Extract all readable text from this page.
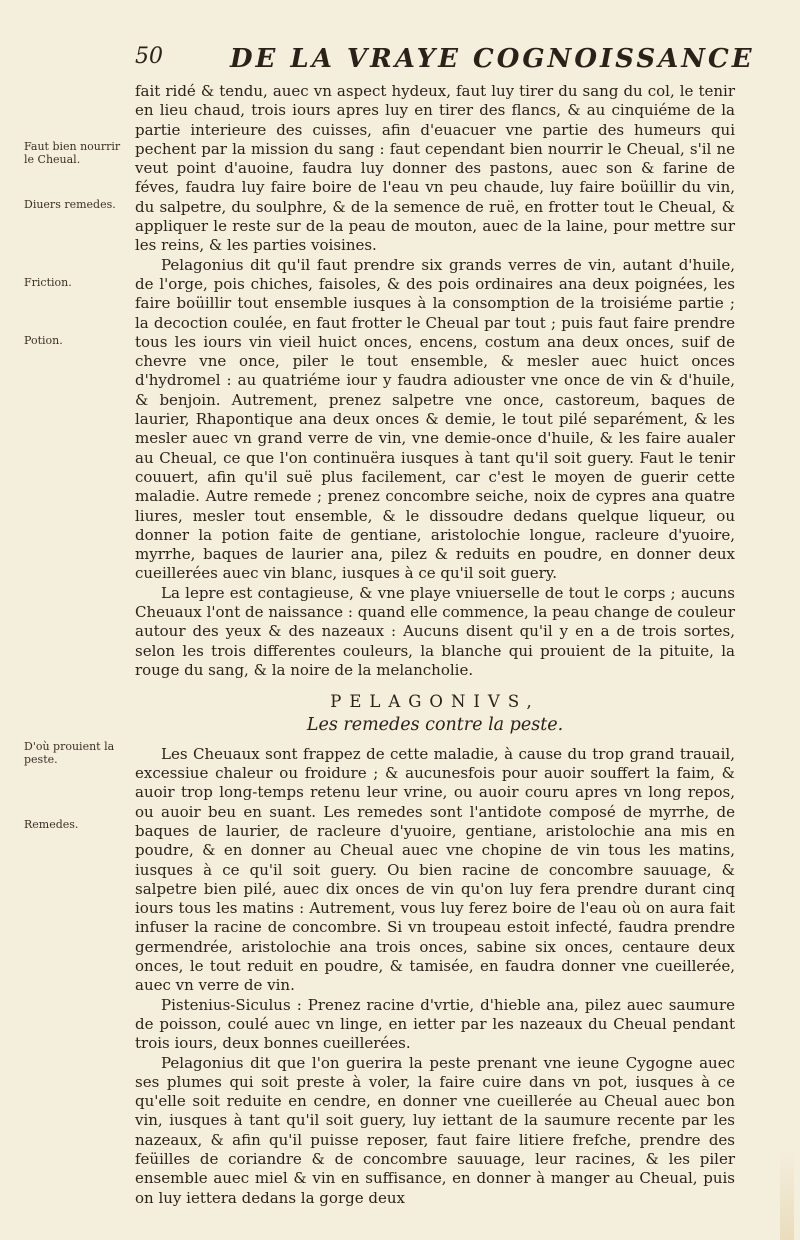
50	DE LA VRAYE COGNOISSANCE
Faut bien nourrir le Cheual.
Diuers remedes.
Friction.
Potion.
D'où prouient la peste.
Remedes.

fait ridé & tendu, auec vn aspect hydeux, faut luy tirer du sang du col, le tenir en lieu chaud, trois iours apres luy en tirer des flancs, & au cinquiéme de la partie interieure des cuisses, afin d'euacuer vne partie des humeurs qui pechent par la mission du sang : faut cependant bien nourrir le Cheual, s'il ne veut point d'auoine, faudra luy donner des pastons, auec son & farine de féves, faudra luy faire boire de l'eau vn peu chaude, luy faire boüillir du vin, du salpetre, du soulphre, & de la semence de ruë, en frotter tout le Cheual, & appliquer le reste sur de la peau de mouton, auec de la laine, pour mettre sur les reins, & les parties voisines.

Pelagonius dit qu'il faut prendre six grands verres de vin, autant d'huile, de l'orge, pois chiches, faisoles, & des pois ordinaires ana deux poignées, les faire boüillir tout ensemble iusques à la consomption de la troisiéme partie ; la decoction coulée, en faut frotter le Cheual par tout ; puis faut faire prendre tous les iours vin vieil huict onces, encens, costum ana deux onces, suif de chevre vne once, piler le tout ensemble, & mesler auec huict onces d'hydromel : au quatriéme iour y faudra adiouster vne once de vin & d'huile, & benjoin. Autrement, prenez salpetre vne once, castoreum, baques de laurier, Rhapontique ana deux onces & demie, le tout pilé separément, & les mesler auec vn grand verre de vin, vne demie-once d'huile, & les faire aualer au Cheual, ce que l'on continuëra iusques à tant qu'il soit guery. Faut le tenir couuert, afin qu'il suë plus facilement, car c'est le moyen de guerir cette maladie. Autre remede ; prenez concombre seiche, noix de cypres ana quatre liures, mesler tout ensemble, & le dissoudre dedans quelque liqueur, ou donner la potion faite de gentiane, aristolochie longue, racleure d'yuoire, myrrhe, baques de laurier ana, pilez & reduits en poudre, en donner deux cueillerées auec vin blanc, iusques à ce qu'il soit guery.

La lepre est contagieuse, & vne playe vniuerselle de tout le corps ; aucuns Cheuaux l'ont de naissance : quand elle commence, la peau change de couleur autour des yeux & des nazeaux : Aucuns disent qu'il y en a de trois sortes, selon les trois differentes couleurs, la blanche qui prouient de la pituite, la rouge du sang, & la noire de la melancholie.

PELAGONIVS,
Les remedes contre la peste.

Les Cheuaux sont frappez de cette maladie, à cause du trop grand trauail, excessiue chaleur ou froidure ; & aucunesfois pour auoir souffert la faim, & auoir trop long-temps retenu leur vrine, ou auoir couru apres vn long repos, ou auoir beu en suant. Les remedes sont l'antidote composé de myrrhe, de baques de laurier, de racleure d'yuoire, gentiane, aristolochie ana mis en poudre, & en donner au Cheual auec vne chopine de vin tous les matins, iusques à ce qu'il soit guery. Ou bien racine de concombre sauuage, & salpetre bien pilé, auec dix onces de vin qu'on luy fera prendre durant cinq iours tous les matins : Autrement, vous luy ferez boire de l'eau où on aura fait infuser la racine de concombre. Si vn troupeau estoit infecté, faudra prendre germendrée, aristolochie ana trois onces, sabine six onces, centaure deux onces, le tout reduit en poudre, & tamisée, en faudra donner vne cueillerée, auec vn verre de vin.

Pistenius-Siculus : Prenez racine d'vrtie, d'hieble ana, pilez auec saumure de poisson, coulé auec vn linge, en ietter par les nazeaux du Cheual pendant trois iours, deux bonnes cueillerées.

Pelagonius dit que l'on guerira la peste prenant vne ieune Cygogne auec ses plumes qui soit preste à voler, la faire cuire dans vn pot, iusques à ce qu'elle soit reduite en cendre, en donner vne cueillerée au Cheual auec bon vin, iusques à tant qu'il soit guery, luy iettant de la saumure recente par les nazeaux, & afin qu'il puisse reposer, faut faire litiere frefche, prendre des feüilles de coriandre & de concombre sauuage, leur racines, & les piler ensemble auec miel & vin en suffisance, en donner à manger au Cheual, puis on luy iettera dedans la gorge deux
